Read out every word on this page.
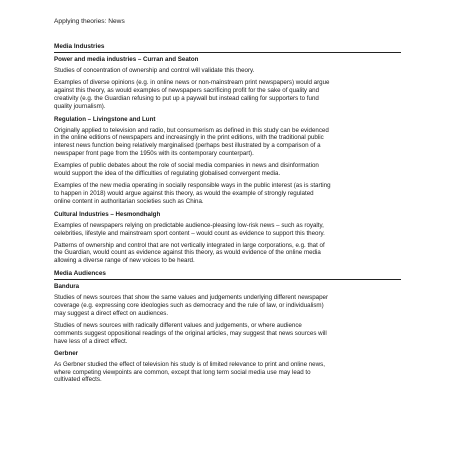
Applying theories: News
Media Industries
Power and media industries – Curran and Seaton

Studies of concentration of ownership and control will validate this theory.

Examples of diverse opinions (e.g. in online news or non-mainstream print newspapers) would argue
against this theory, as would examples of newspapers sacrificing profit for the sake of quality and
creativity (e.g. the Guardian refusing to put up a paywall but instead calling for supporters to fund
quality journalism).

Regulation – Livingstone and Lunt

Originally applied to television and radio, but consumerism as defined in this study can be evidenced
in the online editions of newspapers and increasingly in the print editions, with the traditional public
interest news function being relatively marginalised (perhaps best illustrated by a comparison of a
newspaper front page from the 1950s with its contemporary counterpart).

Examples of public debates about the role of social media companies in news and disinformation
would support the idea of the difficulties of regulating globalised convergent media.

Examples of the new media operating in socially responsible ways in the public interest (as is starting
to happen in 2018) would argue against this theory, as would the example of strongly regulated
online content in authoritarian societies such as China.

Cultural Industries – Hesmondhalgh

Examples of newspapers relying on predictable audience-pleasing low-risk news – such as royalty,
celebrities, lifestyle and mainstream sport content – would count as evidence to support this theory.

Patterns of ownership and control that are not vertically integrated in large corporations, e.g. that of
the Guardian, would count as evidence against this theory, as would evidence of the online media
allowing a diverse range of new voices to be heard.

Media Audiences
Bandura

Studies of news sources that show the same values and judgements underlying different newspaper
coverage (e.g. expressing core ideologies such as democracy and the rule of law, or individualism)
may suggest a direct effect on audiences.

Studies of news sources with radically different values and judgements, or where audience
comments suggest oppositional readings of the original articles, may suggest that news sources will
have less of a direct effect.

Gerbner

As Gerbner studied the effect of television his study is of limited relevance to print and online news,
where competing viewpoints are common, except that long term social media use may lead to
cultivated effects.
